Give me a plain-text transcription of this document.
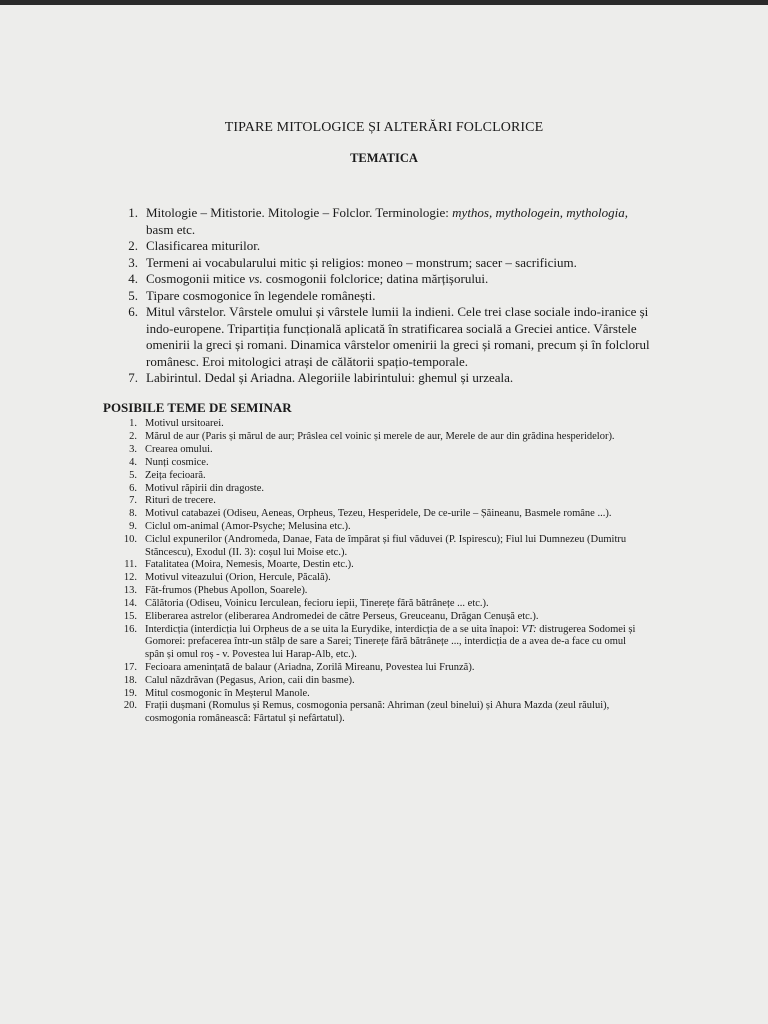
TIPARE MITOLOGICE ȘI ALTERĂRI FOLCLORICE
TEMATICA
1. Mitologie – Mitistorie. Mitologie – Folclor. Terminologie: mythos, mythologein, mythologia, basm etc.
2. Clasificarea miturilor.
3. Termeni ai vocabularului mitic și religios: moneo – monstrum; sacer – sacrificium.
4. Cosmogonii mitice vs. cosmogonii folclorice; datina mărțișorului.
5. Tipare cosmogonice în legendele românești.
6. Mitul vârstelor. Vârstele omului și vârstele lumii la indieni. Cele trei clase sociale indo-iranice și indo-europene. Tripartiția funcțională aplicată în stratificarea socială a Greciei antice. Vârstele omenirii la greci și romani. Dinamica vârstelor omenirii la greci și romani, precum și în folclorul românesc. Eroi mitologici atrași de călătorii spațio-temporale.
7. Labirintul. Dedal și Ariadna. Alegoriile labirintului: ghemul și urzeala.
POSIBILE TEME DE SEMINAR
1. Motivul ursitoarei.
2. Mărul de aur (Paris și mărul de aur; Prâslea cel voinic și merele de aur, Merele de aur din grădina hesperidelor).
3. Crearea omului.
4. Nunți cosmice.
5. Zeița fecioară.
6. Motivul răpirii din dragoste.
7. Rituri de trecere.
8. Motivul catabazei (Odiseu, Aeneas, Orpheus, Tezeu, Hesperidele, De ce-urile – Șăineanu, Basmele române ...).
9. Ciclul om-animal (Amor-Psyche; Melusina etc.).
10. Ciclul expunerilor (Andromeda, Danae, Fata de împărat și fiul văduvei (P. Ispirescu); Fiul lui Dumnezeu (Dumitru Stăncescu), Exodul (II. 3): coșul lui Moise etc.).
11. Fatalitatea (Moira, Nemesis, Moarte, Destin etc.).
12. Motivul viteazului (Orion, Hercule, Păcală).
13. Făt-frumos (Phebus Apollon, Soarele).
14. Călătoria (Odiseu, Voinicu Ierculean, fecioru iepii, Tinerețe fără bătrânețe ... etc.).
15. Eliberarea astrelor (eliberarea Andromedei de către Perseus, Greuceanu, Drăgan Cenușă etc.).
16. Interdicția (interdicția lui Orpheus de a se uita la Eurydike, interdicția de a se uita înapoi: VT: distrugerea Sodomei și Gomorei: prefacerea într-un stâlp de sare a Sarei; Tinerețe fără bătrânețe ..., interdicția de a avea de-a face cu omul spân și omul roș - v. Povestea lui Harap-Alb, etc.).
17. Fecioara amenințată de balaur (Ariadna, Zorilă Mireanu, Povestea lui Frunză).
18. Calul năzdrăvan (Pegasus, Arion, caii din basme).
19. Mitul cosmogonic în Meșterul Manole.
20. Frații dușmani (Romulus și Remus, cosmogonia persană: Ahriman (zeul binelui) și Ahura Mazda (zeul răului), cosmogonia românească: Fârtatul și nefârtatul).
